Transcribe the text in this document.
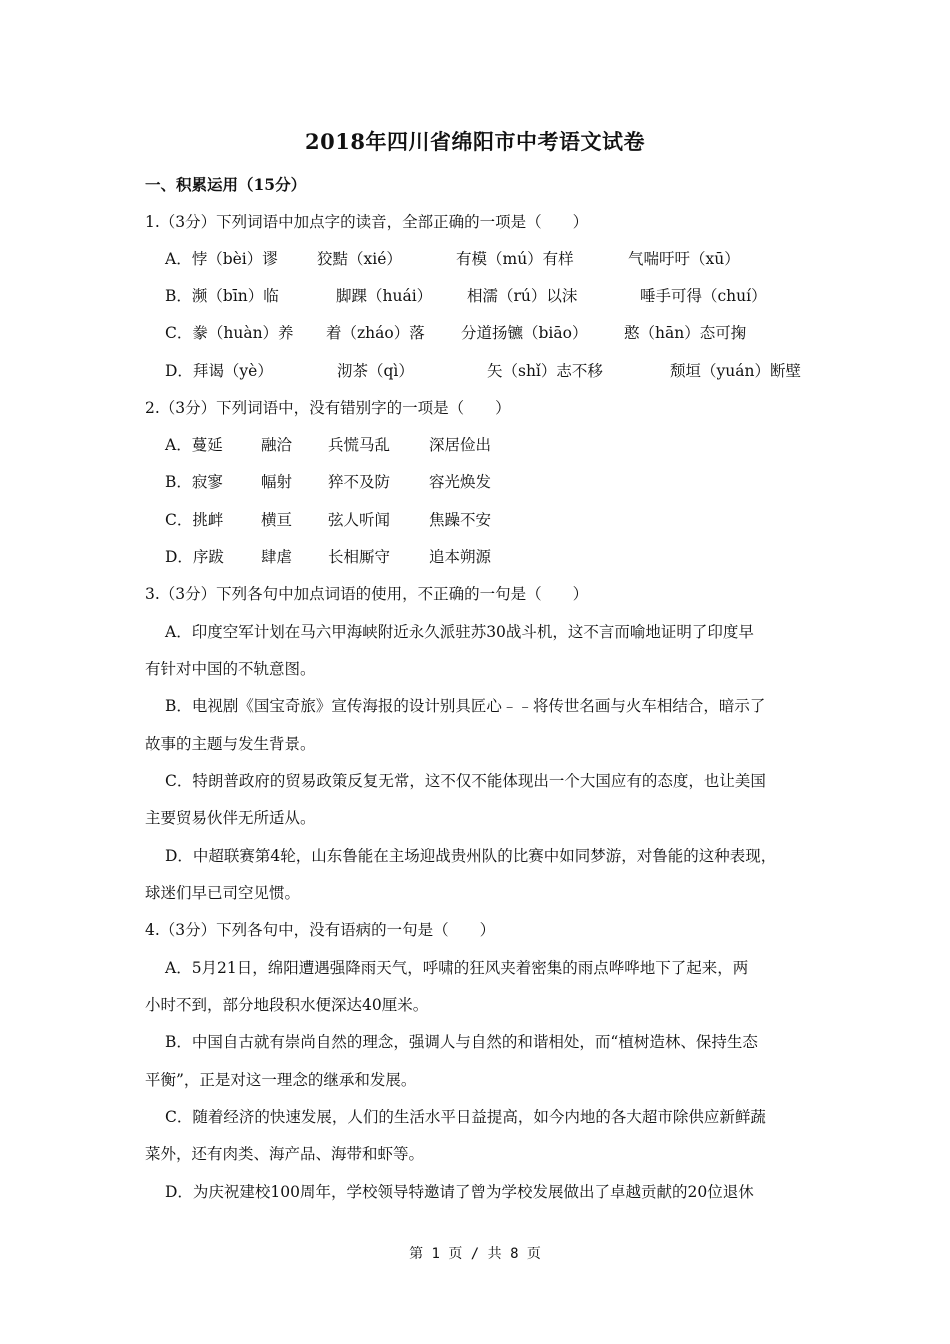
2018年四川省绵阳市中考语文试卷
一、积累运用（15分）
1.（3分）下列词语中加点字的读音，全部正确的一项是（　　）
A．悖（bèi）谬	狡黠（xié）	有模（mú）有样	气喘吁吁（xū）
B．濒（bīn）临	脚踝（huái） 相濡（rú）以沫	唾手可得（chuí）
C．豢（huàn）养 着（zháo）落 分道扬镳（biāo） 憨（hān）态可掬
D．拜谒（yè）	沏茶（qì）	矢（shǐ）志不移	颓垣（yuán）断壁
2.（3分）下列词语中，没有错别字的一项是（　　）
A．蔓延 融洽 兵慌马乱	深居俭出
B．寂寥 幅射 猝不及防	容光焕发
C．挑衅 横亘 弦人听闻	焦躁不安
D．序跋 肆虐 长相厮守	追本朔源
3.（3分）下列各句中加点词语的使用，不正确的一句是（　　）
A．印度空军计划在马六甲海峡附近永久派驻苏30战斗机，这不言而喻地证明了印度早
有针对中国的不轨意图。
B．电视剧《国宝奇旅》宣传海报的设计别具匠心﹣﹣将传世名画与火车相结合，暗示了
故事的主题与发生背景。
C．特朗普政府的贸易政策反复无常，这不仅不能体现出一个大国应有的态度，也让美国
主要贸易伙伴无所适从。
D．中超联赛第4轮，山东鲁能在主场迎战贵州队的比赛中如同梦游，对鲁能的这种表现，
球迷们早已司空见惯。
4.（3分）下列各句中，没有语病的一句是（　　）
A．5月21日，绵阳遭遇强降雨天气，呼啸的狂风夹着密集的雨点哗哗地下了起来，两
小时不到，部分地段积水便深达40厘米。
B．中国自古就有崇尚自然的理念，强调人与自然的和谐相处，而“植树造林、保持生态
平衡”，正是对这一理念的继承和发展。
C．随着经济的快速发展，人们的生活水平日益提高，如今内地的各大超市除供应新鲜蔬
菜外，还有肉类、海产品、海带和虾等。
D．为庆祝建校100周年，学校领导特邀请了曾为学校发展做出了卓越贡献的20位退休
第 1 页 / 共 8 页
